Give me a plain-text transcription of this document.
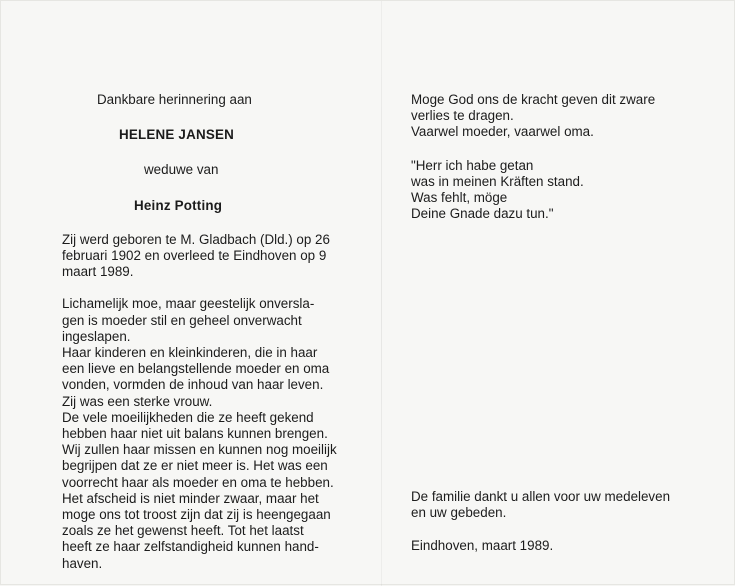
Dankbare herinnering aan
HELENE JANSEN
weduwe van
Heinz Potting
Zij werd geboren te M. Gladbach (Dld.) op 26
februari 1902 en overleed te Eindhoven op 9
maart 1989.
Lichamelijk moe, maar geestelijk onversla-
gen is moeder stil en geheel onverwacht
ingeslapen.
Haar kinderen en kleinkinderen, die in haar
een lieve en belangstellende moeder en oma
vonden, vormden de inhoud van haar leven.
Zij was een sterke vrouw.
De vele moeilijkheden die ze heeft gekend
hebben haar niet uit balans kunnen brengen.
Wij zullen haar missen en kunnen nog moeilijk
begrijpen dat ze er niet meer is. Het was een
voorrecht haar als moeder en oma te hebben.
Het afscheid is niet minder zwaar, maar het
moge ons tot troost zijn dat zij is heengegaan
zoals ze het gewenst heeft. Tot het laatst
heeft ze haar zelfstandigheid kunnen hand-
haven.
Moge God ons de kracht geven dit zware
verlies te dragen.
Vaarwel moeder, vaarwel oma.
"Herr ich habe getan
was in meinen Kräften stand.
Was fehlt, möge
Deine Gnade dazu tun."
De familie dankt u allen voor uw medeleven
en uw gebeden.
Eindhoven, maart 1989.
